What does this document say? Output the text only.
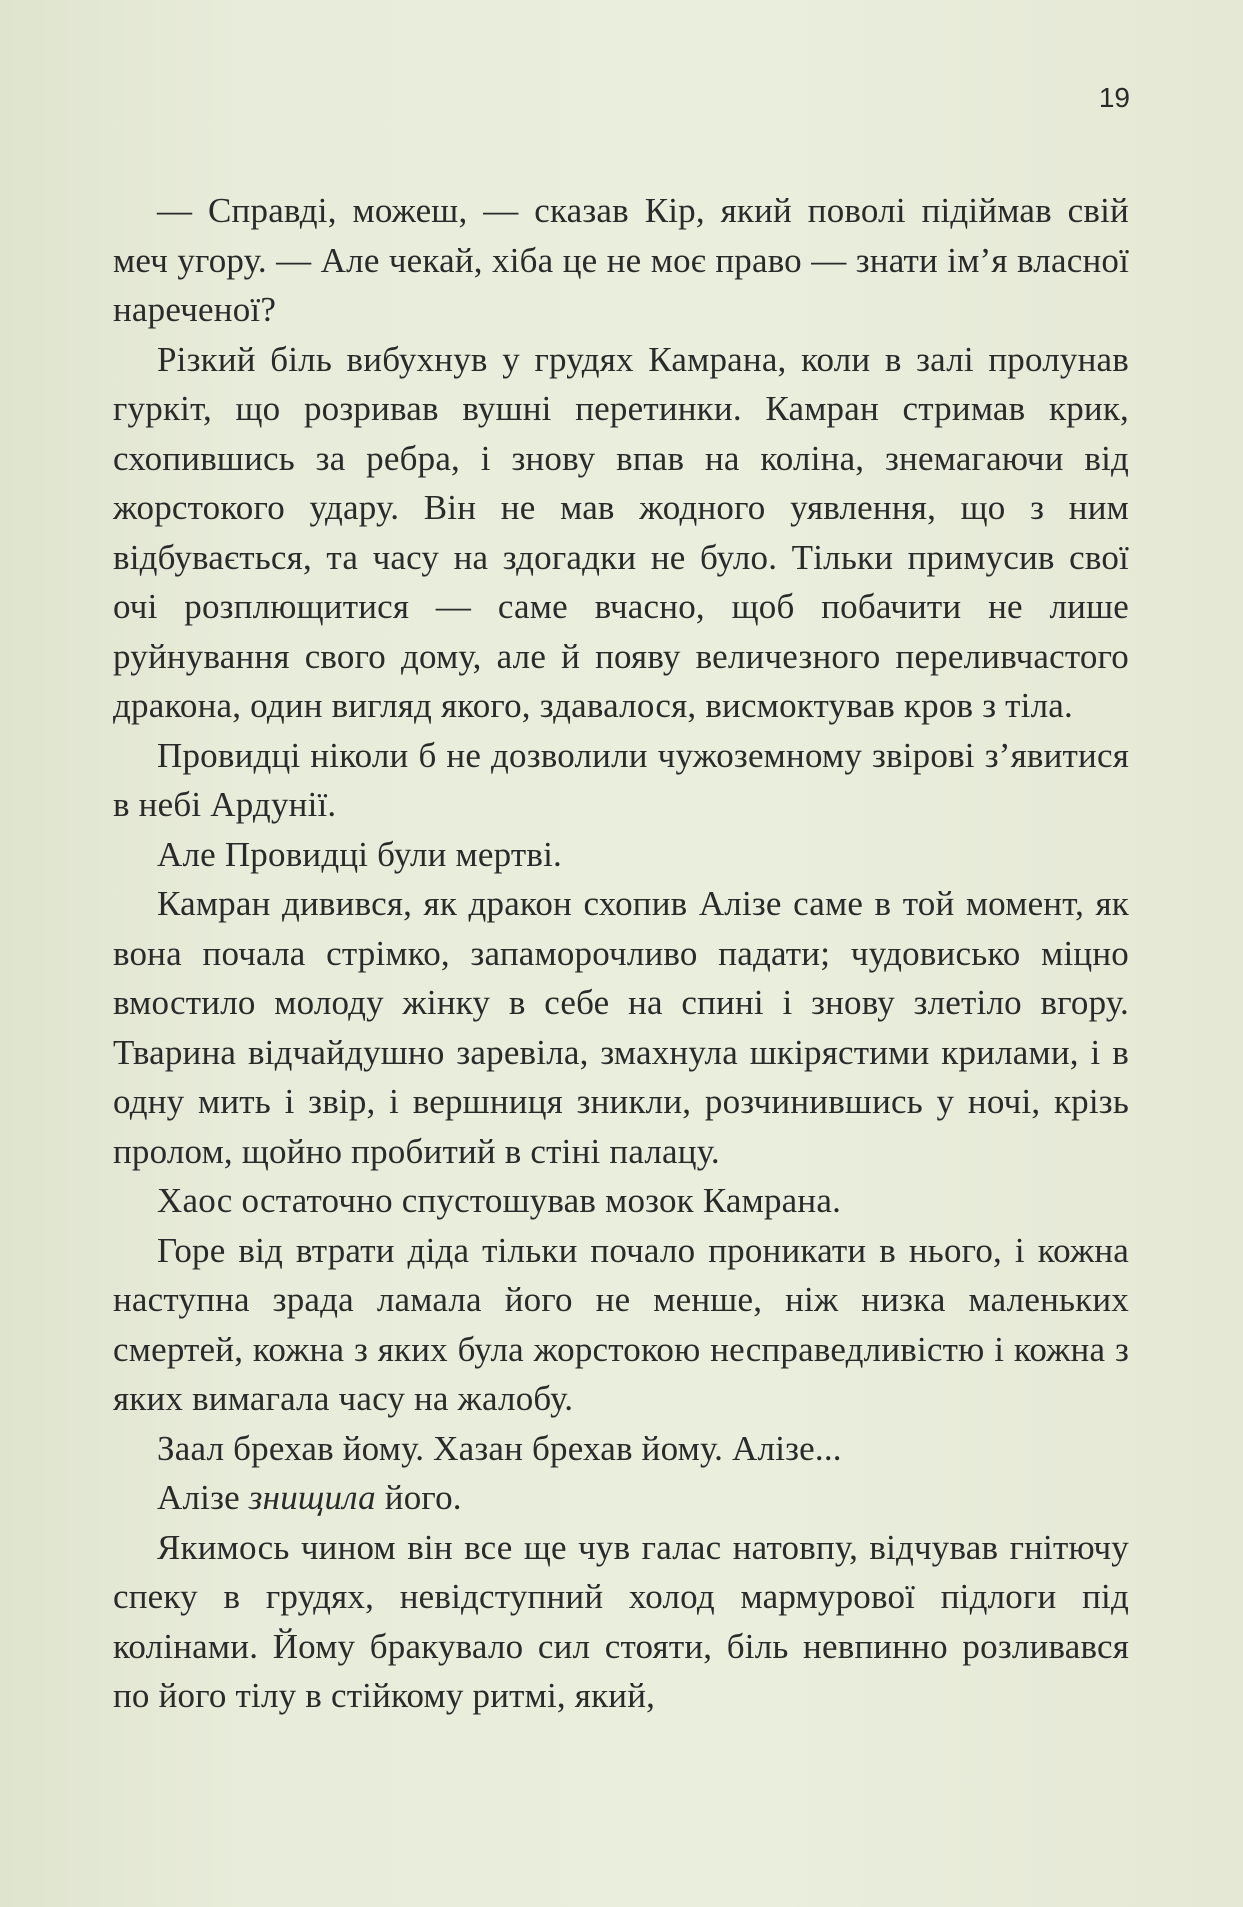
19

— Справді, можеш, — сказав Кір, який поволі підіймав свій меч угору. — Але чекай, хіба це не моє право — знати ім’я власної нареченої?

Різкий біль вибухнув у грудях Камрана, коли в залі пролунав гуркіт, що розривав вушні перетинки. Камран стримав крик, схопившись за ребра, і знову впав на коліна, знемагаючи від жорстокого удару. Він не мав жодного уявлення, що з ним відбувається, та часу на здогадки не було. Тільки примусив свої очі розплющитися — саме вчасно, щоб побачити не лише руйнування свого дому, але й появу величезного переливчастого дракона, один вигляд якого, здавалося, висмоктував кров з тіла.

Провидці ніколи б не дозволили чужоземному звірові з’явитися в небі Ардунії.

Але Провидці були мертві.

Камран дивився, як дракон схопив Алізе саме в той момент, як вона почала стрімко, запаморочливо падати; чудовисько міцно вмостило молоду жінку в себе на спині і знову злетіло вгору. Тварина відчайдушно заревіла, змахнула шкірястими крилами, і в одну мить і звір, і вершниця зникли, розчинившись у ночі, крізь пролом, щойно пробитий в стіні палацу.

Хаос остаточно спустошував мозок Камрана.

Горе від втрати діда тільки почало проникати в нього, і кожна наступна зрада ламала його не менше, ніж низка маленьких смертей, кожна з яких була жорстокою несправедливістю і кожна з яких вимагала часу на жалобу.

Заал брехав йому. Хазан брехав йому. Алізе...

Алізе знищила його.

Якимось чином він все ще чув галас натовпу, відчував гнітючу спеку в грудях, невідступний холод мармурової підлоги під колінами. Йому бракувало сил стояти, біль невпинно розливався по його тілу в стійкому ритмі, який,
